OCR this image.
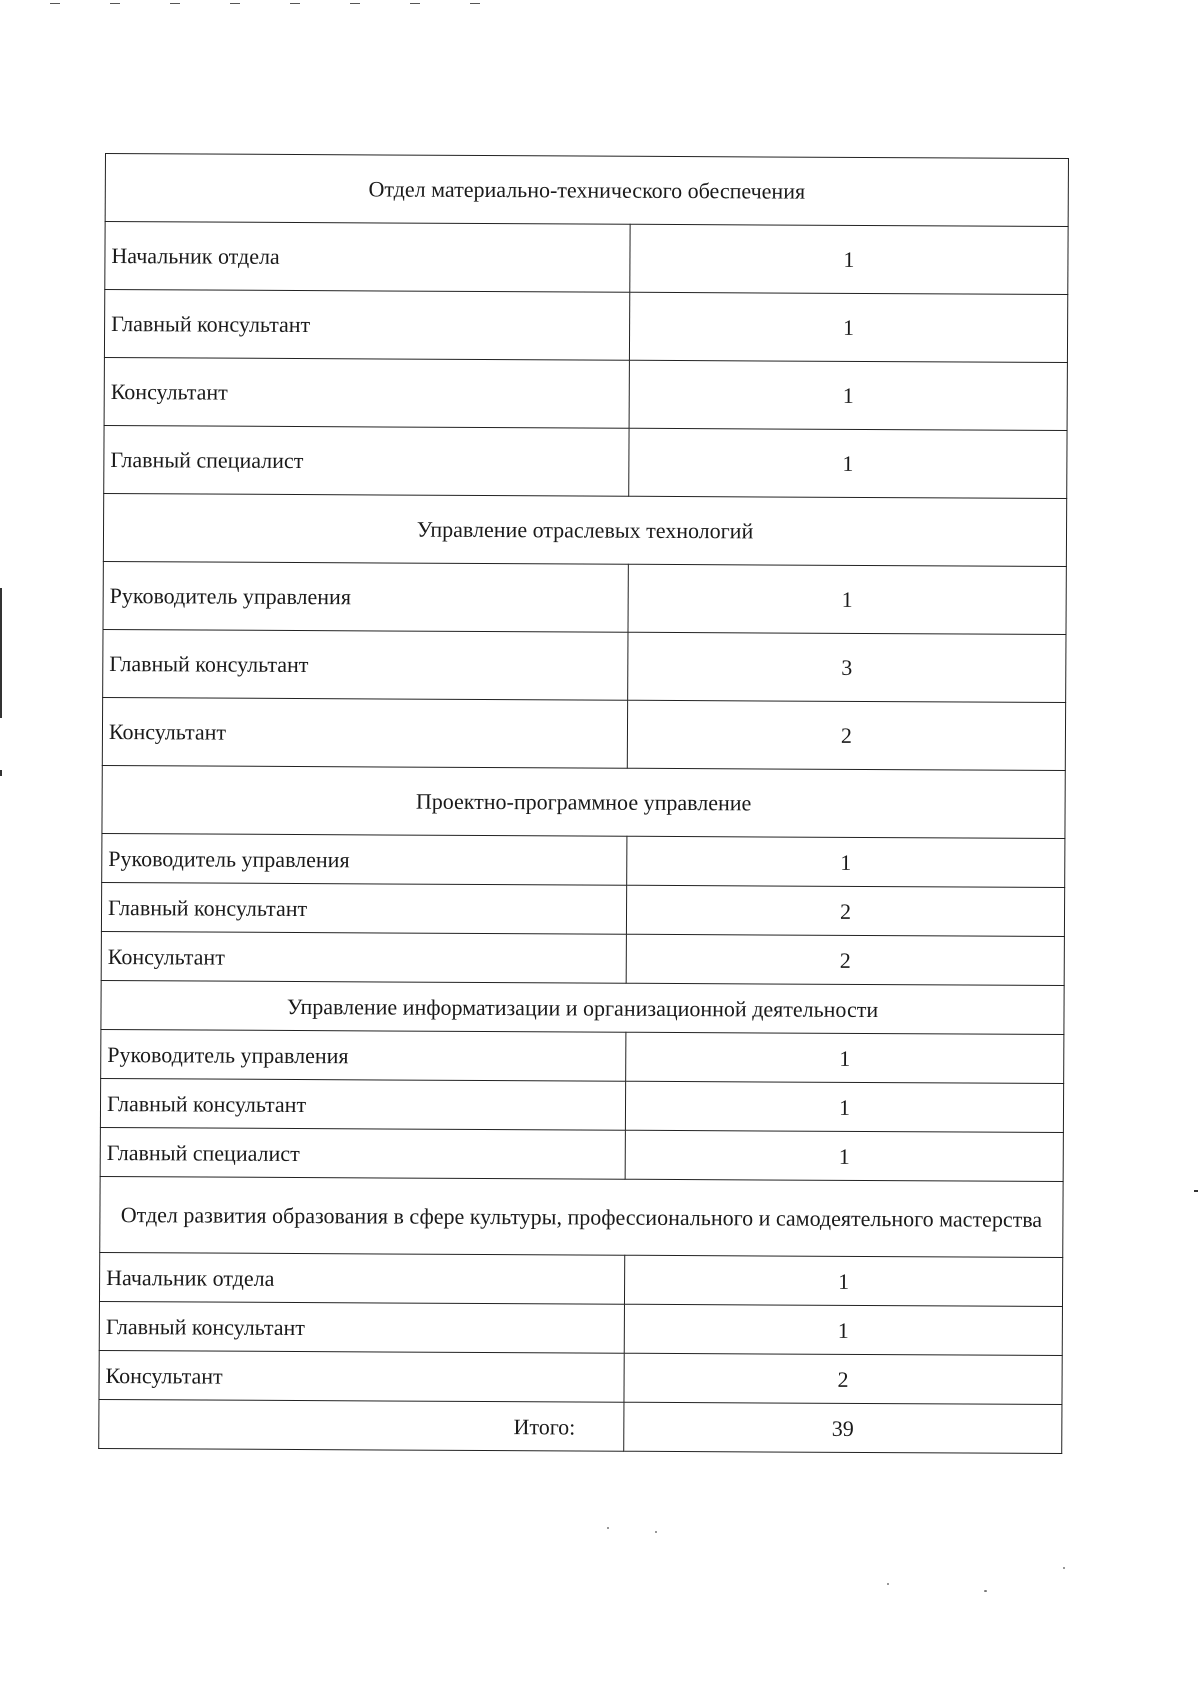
Отдел материально-технического обеспечения	
Начальник отдела	1
Главный консультант	1
Консультант	1
Главный специалист	1
Управление отраслевых технологий	
Руководитель управления	1
Главный консультант	3
Консультант	2
Проектно-программное управление	
Руководитель управления	1
Главный консультант	2
Консультант	2
Управление информатизации и организационной деятельности	
Руководитель управления	1
Главный консультант	1
Главный специалист	1
Отдел развития образования в сфере культуры, профессионального и самодеятельного мастерства	
Начальник отдела	1
Главный консультант	1
Консультант	2
Итого:	39
